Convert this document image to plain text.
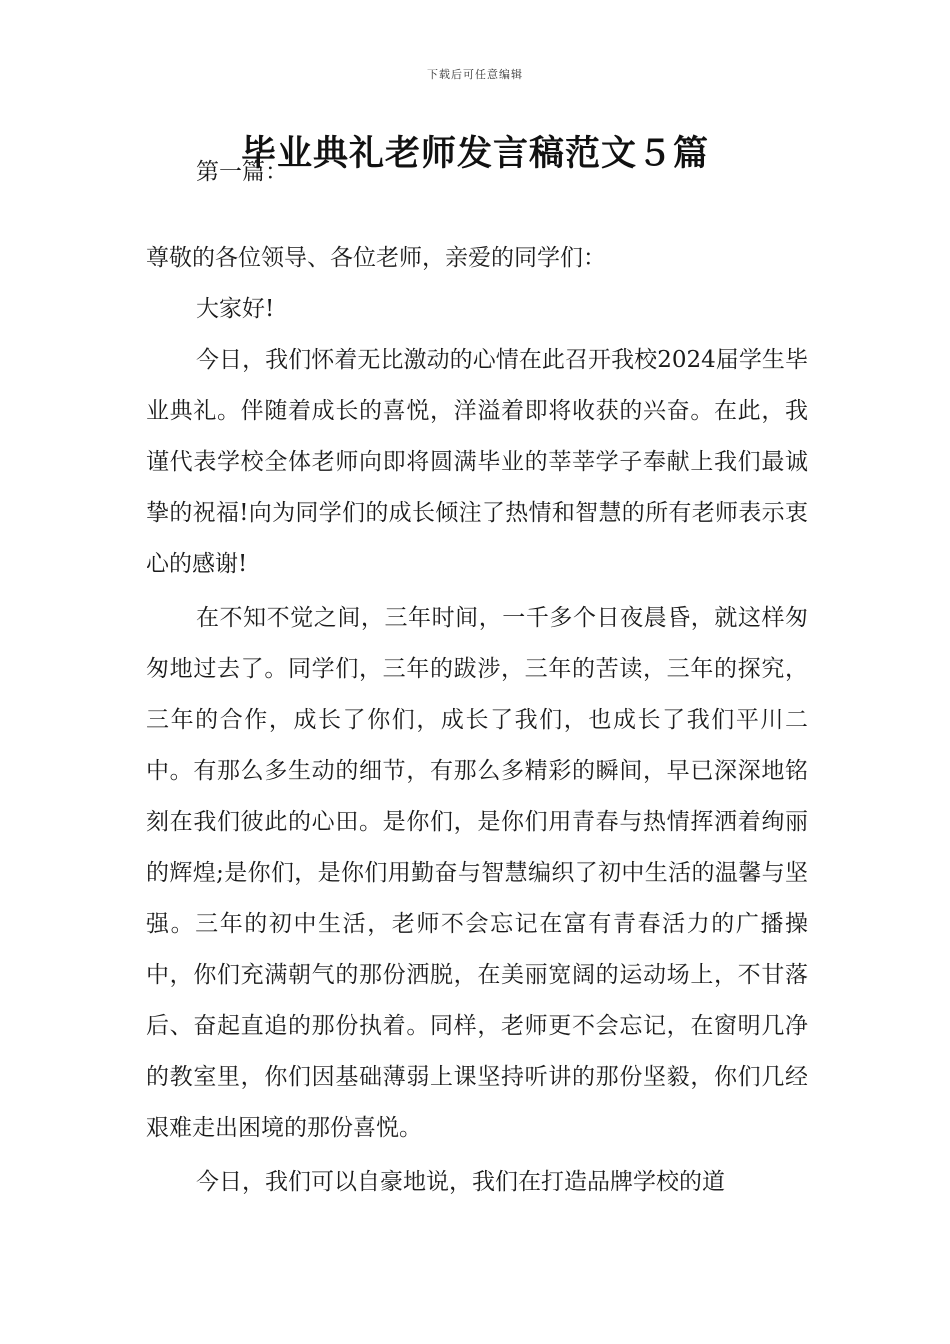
下载后可任意编辑
毕业典礼老师发言稿范文５篇

第一篇：

尊敬的各位领导、各位老师，亲爱的同学们：

大家好!

今日，我们怀着无比激动的心情在此召开我校2024届学生毕业典礼。伴随着成长的喜悦，洋溢着即将收获的兴奋。在此，我谨代表学校全体老师向即将圆满毕业的莘莘学子奉献上我们最诚挚的祝福!向为同学们的成长倾注了热情和智慧的所有老师表示衷心的感谢!

在不知不觉之间，三年时间，一千多个日夜晨昏，就这样匆匆地过去了。同学们，三年的跋涉，三年的苦读，三年的探究，三年的合作，成长了你们，成长了我们，也成长了我们平川二中。有那么多生动的细节，有那么多精彩的瞬间，早已深深地铭刻在我们彼此的心田。是你们，是你们用青春与热情挥洒着绚丽的辉煌;是你们，是你们用勤奋与智慧编织了初中生活的温馨与坚强。三年的初中生活，老师不会忘记在富有青春活力的广播操中，你们充满朝气的那份洒脱，在美丽宽阔的运动场上，不甘落后、奋起直追的那份执着。同样，老师更不会忘记，在窗明几净的教室里，你们因基础薄弱上课坚持听讲的那份坚毅，你们几经艰难走出困境的那份喜悦。

今日，我们可以自豪地说，我们在打造品牌学校的道
